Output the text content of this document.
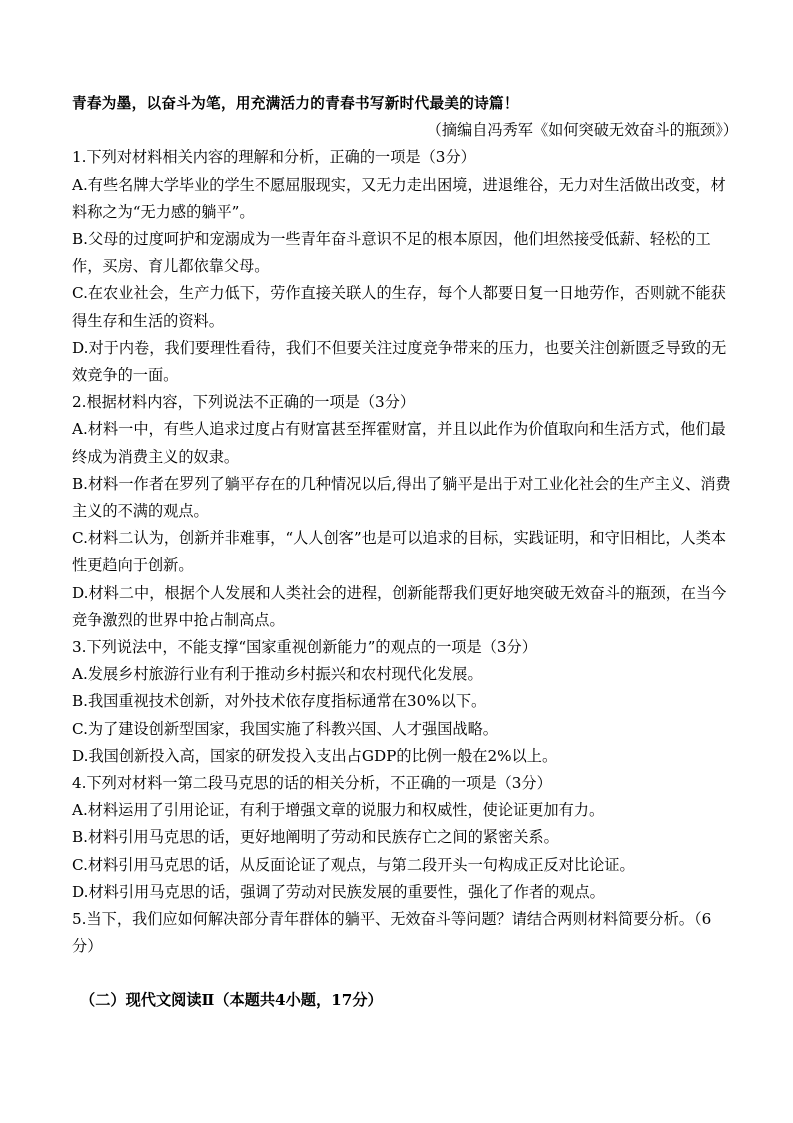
青春为墨，以奋斗为笔，用充满活力的青春书写新时代最美的诗篇！

（摘编自冯秀军《如何突破无效奋斗的瓶颈》）

1.下列对材料相关内容的理解和分析，正确的一项是（3分）

A.有些名牌大学毕业的学生不愿屈服现实，又无力走出困境，进退维谷，无力对生活做出改变，材料称之为“无力感的躺平”。

B.父母的过度呵护和宠溺成为一些青年奋斗意识不足的根本原因，他们坦然接受低薪、轻松的工作，买房、育儿都依靠父母。

C.在农业社会，生产力低下，劳作直接关联人的生存，每个人都要日复一日地劳作，否则就不能获得生存和生活的资料。

D.对于内卷，我们要理性看待，我们不但要关注过度竞争带来的压力，也要关注创新匮乏导致的无效竞争的一面。

2.根据材料内容，下列说法不正确的一项是（3分）

A.材料一中，有些人追求过度占有财富甚至挥霍财富，并且以此作为价值取向和生活方式，他们最终成为消费主义的奴隶。

B.材料一作者在罗列了躺平存在的几种情况以后,得出了躺平是出于对工业化社会的生产主义、消费主义的不满的观点。

C.材料二认为，创新并非难事，“人人创客”也是可以追求的目标，实践证明，和守旧相比，人类本性更趋向于创新。

D.材料二中，根据个人发展和人类社会的进程，创新能帮我们更好地突破无效奋斗的瓶颈，在当今竞争激烈的世界中抢占制高点。

3.下列说法中，不能支撑“国家重视创新能力”的观点的一项是（3分）

A.发展乡村旅游行业有利于推动乡村振兴和农村现代化发展。

B.我国重视技术创新，对外技术依存度指标通常在30%以下。

C.为了建设创新型国家，我国实施了科教兴国、人才强国战略。

D.我国创新投入高，国家的研发投入支出占GDP的比例一般在2%以上。

4.下列对材料一第二段马克思的话的相关分析，不正确的一项是（3分）

A.材料运用了引用论证，有利于增强文章的说服力和权威性，使论证更加有力。

B.材料引用马克思的话，更好地阐明了劳动和民族存亡之间的紧密关系。

C.材料引用马克思的话，从反面论证了观点，与第二段开头一句构成正反对比论证。

D.材料引用马克思的话，强调了劳动对民族发展的重要性，强化了作者的观点。

5.当下，我们应如何解决部分青年群体的躺平、无效奋斗等问题？请结合两则材料简要分析。（6分）

（二）现代文阅读Ⅱ（本题共4小题，17分）
